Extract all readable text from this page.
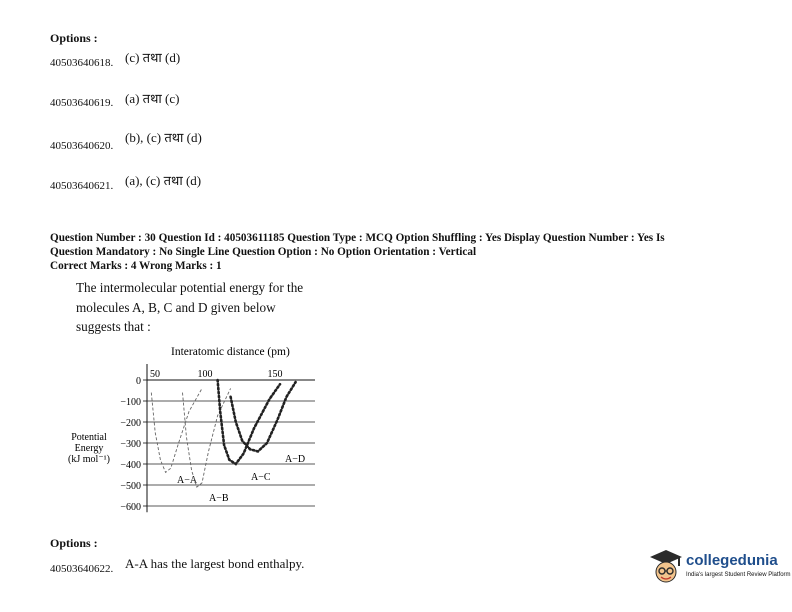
Options :
40503640618. (c) तथा (d)
40503640619. (a) तथा (c)
40503640620.
(b), (c) तथा (d)
40503640621. (a), (c) तथा (d)
Question Number : 30 Question Id : 40503611185 Question Type : MCQ Option Shuffling : Yes Display Question Number : Yes Is
Question Mandatory : No Single Line Question Option : No Option Orientation : Vertical
Correct Marks : 4 Wrong Marks : 1
The intermolecular potential energy for the molecules A, B, C and D given below suggests that :
Interatomic distance (pm)
0
−100
−200
−300
−400
−500
−600
50	100	150
Potential
Energy
(kJ mol⁻¹)
A−A
A−B
A−C
A−D
Options :
40503640622. A-A has the largest bond enthalpy.	collegedunia
India's largest Student Review Platform
